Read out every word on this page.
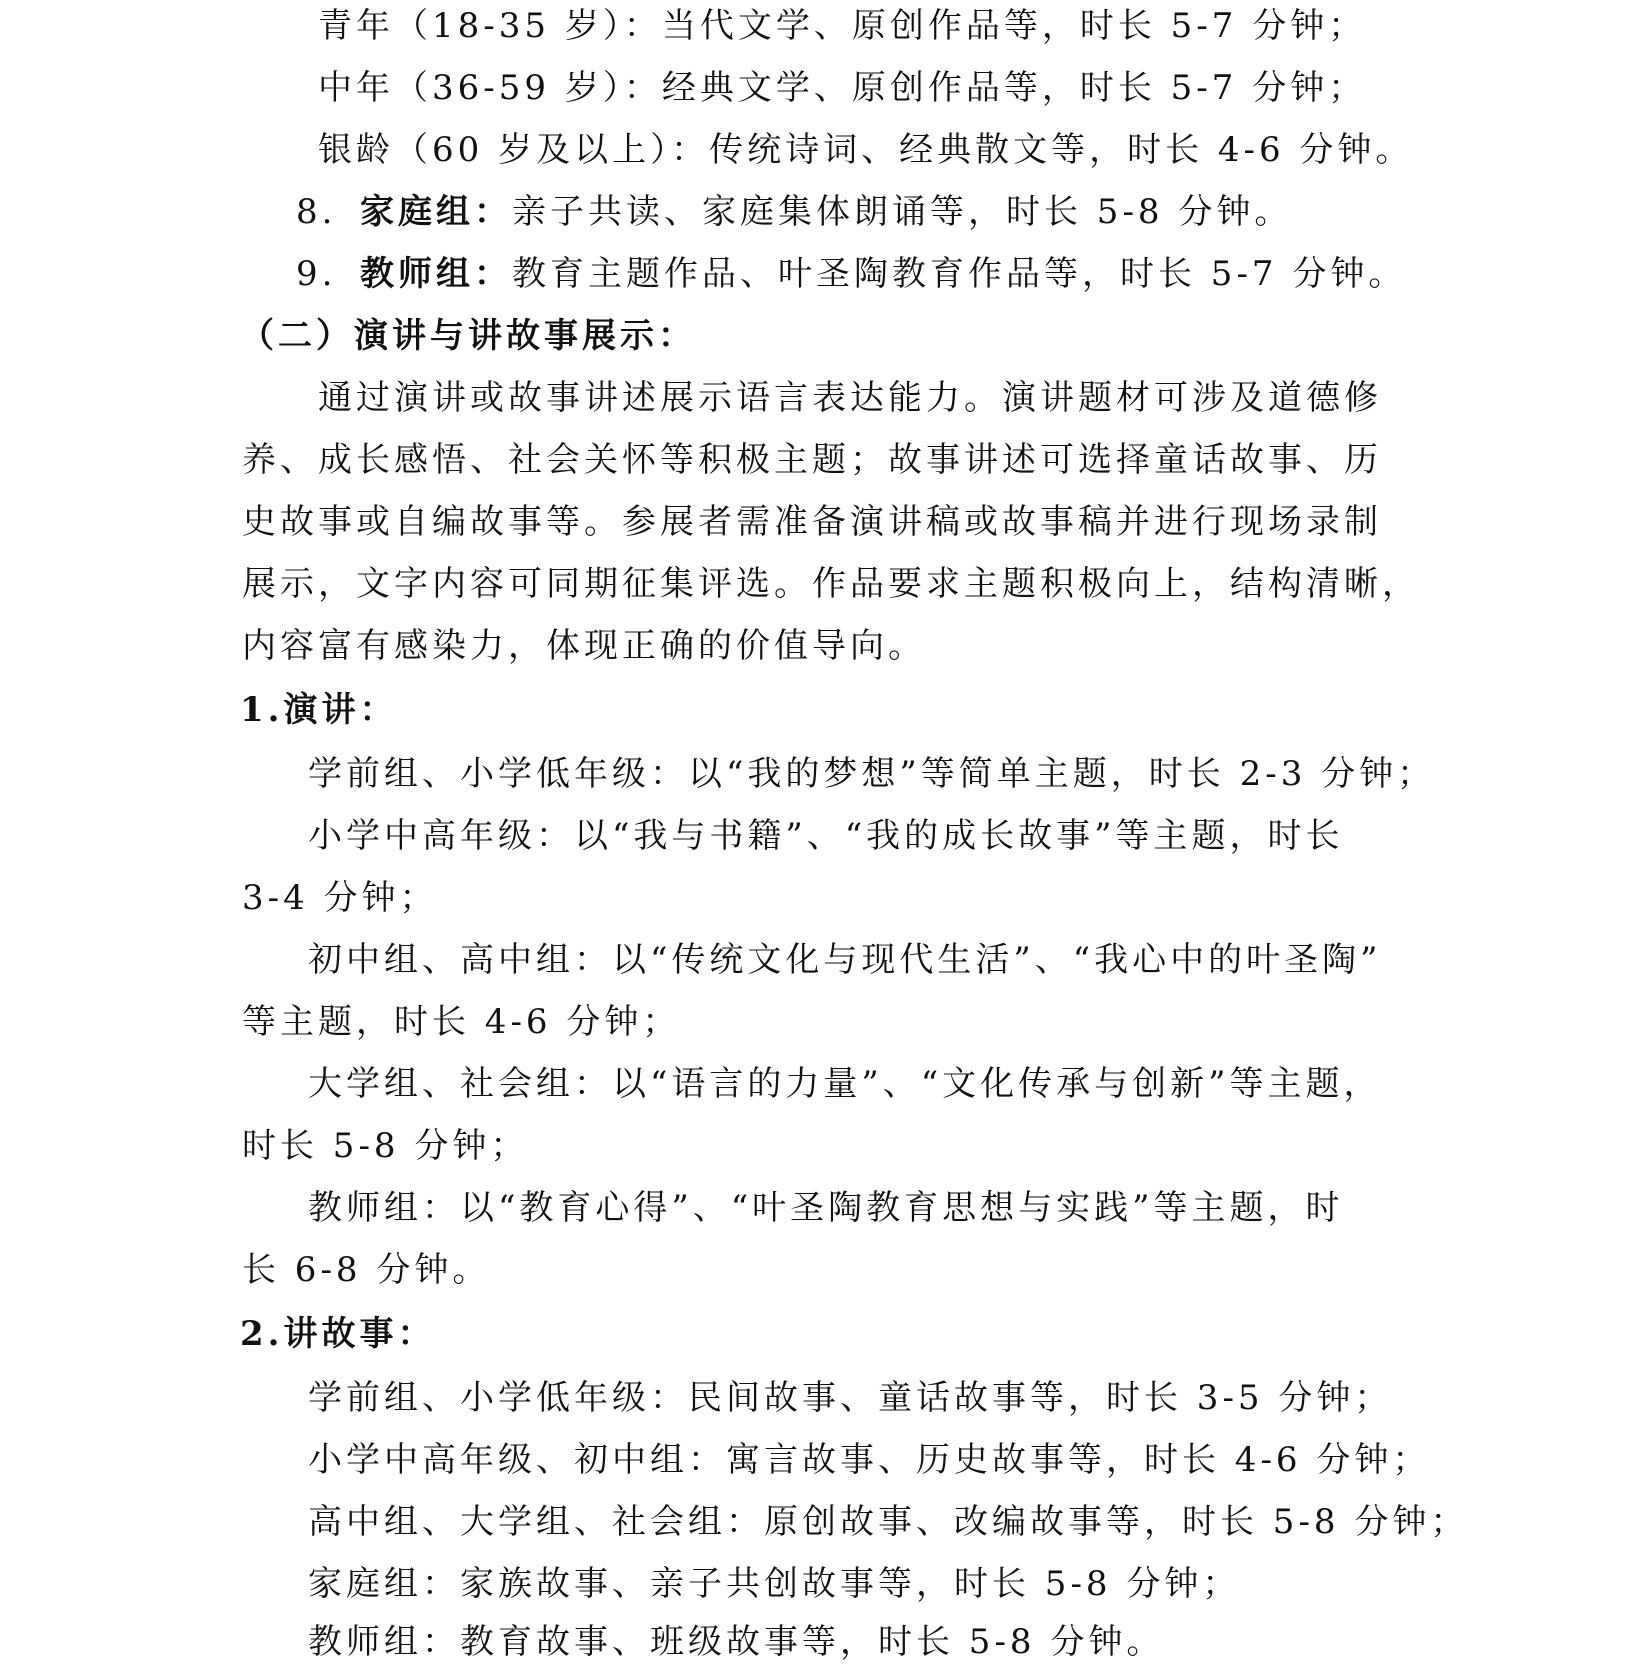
青年（18-35 岁）：当代文学、原创作品等，时长 5-7 分钟；
中年（36-59 岁）：经典文学、原创作品等，时长 5-7 分钟；
银龄（60 岁及以上）：传统诗词、经典散文等，时长 4-6 分钟。
8. 家庭组：亲子共读、家庭集体朗诵等，时长 5-8 分钟。
9. 教师组：教育主题作品、叶圣陶教育作品等，时长 5-7 分钟。
（二）演讲与讲故事展示：
通过演讲或故事讲述展示语言表达能力。演讲题材可涉及道德修
养、成长感悟、社会关怀等积极主题；故事讲述可选择童话故事、历
史故事或自编故事等。参展者需准备演讲稿或故事稿并进行现场录制
展示，文字内容可同期征集评选。作品要求主题积极向上，结构清晰，
内容富有感染力，体现正确的价值导向。
1.演讲：
学前组、小学低年级：以“我的梦想”等简单主题，时长 2-3 分钟；
小学中高年级：以“我与书籍”、“我的成长故事”等主题，时长
3-4 分钟；
初中组、高中组：以“传统文化与现代生活”、“我心中的叶圣陶”
等主题，时长 4-6 分钟；
大学组、社会组：以“语言的力量”、“文化传承与创新”等主题，
时长 5-8 分钟；
教师组：以“教育心得”、“叶圣陶教育思想与实践”等主题，时
长 6-8 分钟。
2.讲故事：
学前组、小学低年级：民间故事、童话故事等，时长 3-5 分钟；
小学中高年级、初中组：寓言故事、历史故事等，时长 4-6 分钟；
高中组、大学组、社会组：原创故事、改编故事等，时长 5-8 分钟；
家庭组：家族故事、亲子共创故事等，时长 5-8 分钟；
教师组：教育故事、班级故事等，时长 5-8 分钟。
